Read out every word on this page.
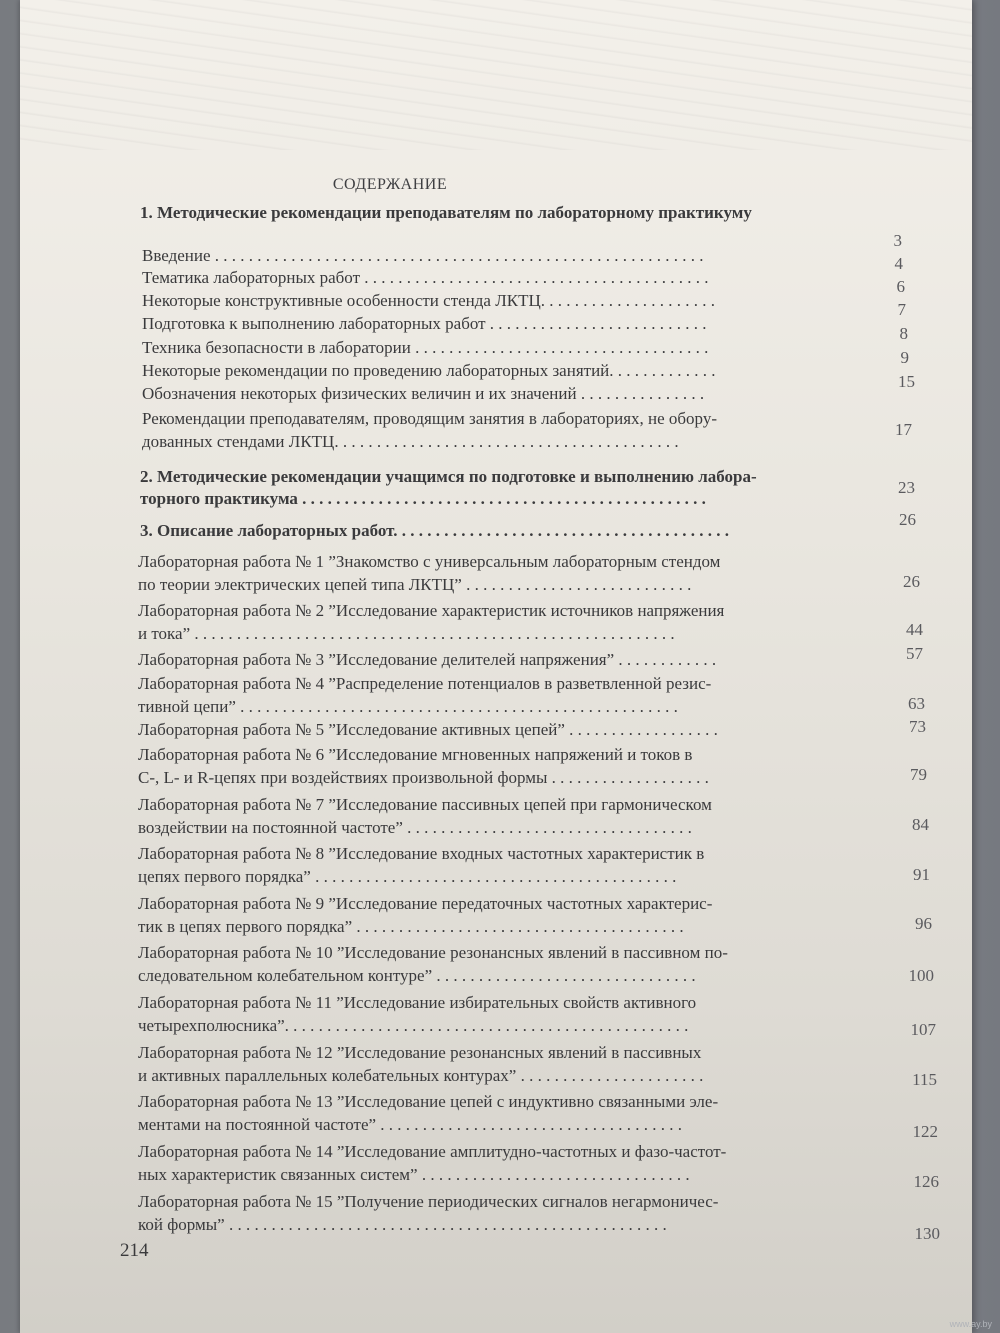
СОДЕРЖАНИЕ
1. Методические рекомендации преподавателям по лабораторному практикуму
Введение . . . . . . . . . . . . . . . . . . . . . . . . . . . . . . . . . . . . . . . . . . . . . . . . . . . . . . . . . .
3
Тематика лабораторных работ . . . . . . . . . . . . . . . . . . . . . . . . . . . . . . . . . . . . . . . . .
4
Некоторые конструктивные особенности стенда ЛКТЦ. . . . . . . . . . . . . . . . . . . . .
6
Подготовка к выполнению лабораторных работ . . . . . . . . . . . . . . . . . . . . . . . . . .
7
Техника безопасности в лаборатории . . . . . . . . . . . . . . . . . . . . . . . . . . . . . . . . . . .
8
Некоторые рекомендации по проведению лабораторных занятий. . . . . . . . . . . . .
9
Обозначения некоторых физических величин и их значений . . . . . . . . . . . . . . .
15
Рекомендации преподавателям, проводящим занятия в лабораториях, не обору-
дованных стендами ЛКТЦ. . . . . . . . . . . . . . . . . . . . . . . . . . . . . . . . . . . . . . . . .
17
2. Методические рекомендации учащимся по подготовке и выполнению лабора-
торного практикума . . . . . . . . . . . . . . . . . . . . . . . . . . . . . . . . . . . . . . . . . . . . . . . .
23
3. Описание лабораторных работ. . . . . . . . . . . . . . . . . . . . . . . . . . . . . . . . . . . . . . . .
26
Лабораторная работа № 1 ”Знакомство с универсальным лабораторным стендом
по теории электрических цепей типа ЛКТЦ” . . . . . . . . . . . . . . . . . . . . . . . . . . .	26
Лабораторная работа № 2 ”Исследование характеристик источников напряжения
и тока” . . . . . . . . . . . . . . . . . . . . . . . . . . . . . . . . . . . . . . . . . . . . . . . . . . . . . . . . .	44
Лабораторная работа № 3 ”Исследование делителей напряжения” . . . . . . . . . . . .	57
Лабораторная работа № 4 ”Распределение потенциалов в разветвленной резис-
тивной цепи” . . . . . . . . . . . . . . . . . . . . . . . . . . . . . . . . . . . . . . . . . . . . . . . . . . . .	63
Лабораторная работа № 5 ”Исследование активных цепей” . . . . . . . . . . . . . . . . . .	73
Лабораторная работа № 6 ”Исследование мгновенных напряжений и токов в
C-, L- и R-цепях при воздействиях произвольной формы . . . . . . . . . . . . . . . . . . .	79
Лабораторная работа № 7 ”Исследование пассивных цепей при гармоническом
воздействии на постоянной частоте” . . . . . . . . . . . . . . . . . . . . . . . . . . . . . . . . . .	84
Лабораторная работа № 8 ”Исследование входных частотных характеристик в
цепях первого порядка” . . . . . . . . . . . . . . . . . . . . . . . . . . . . . . . . . . . . . . . . . . .	91
Лабораторная работа № 9 ”Исследование передаточных частотных характерис-
тик в цепях первого порядка” . . . . . . . . . . . . . . . . . . . . . . . . . . . . . . . . . . . . . . .	96
Лабораторная работа № 10 ”Исследование резонансных явлений в пассивном по-
следовательном колебательном контуре” . . . . . . . . . . . . . . . . . . . . . . . . . . . . . . .	100
Лабораторная работа № 11 ”Исследование избирательных свойств активного
четырехполюсника”. . . . . . . . . . . . . . . . . . . . . . . . . . . . . . . . . . . . . . . . . . . . . . . .	107
Лабораторная работа № 12 ”Исследование резонансных явлений в пассивных
и активных параллельных колебательных контурах” . . . . . . . . . . . . . . . . . . . . . .	115
Лабораторная работа № 13 ”Исследование цепей с индуктивно связанными эле-
ментами на постоянной частоте” . . . . . . . . . . . . . . . . . . . . . . . . . . . . . . . . . . . .	122
Лабораторная работа № 14 ”Исследование амплитудно-частотных и фазо-частот-
ных характеристик связанных систем” . . . . . . . . . . . . . . . . . . . . . . . . . . . . . . . .	126
Лабораторная работа № 15 ”Получение периодических сигналов негармоничес-
кой формы” . . . . . . . . . . . . . . . . . . . . . . . . . . . . . . . . . . . . . . . . . . . . . . . . . . . .	130
214
www.ay.by
